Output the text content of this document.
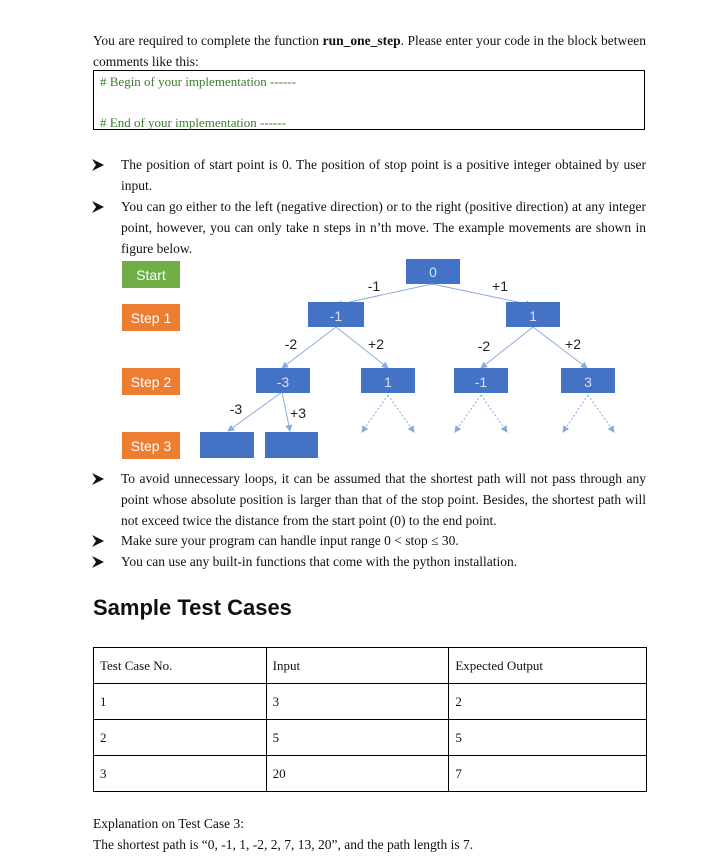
You are required to complete the function run_one_step. Please enter your code in the block between comments like this:
# Begin of your implementation ------
# End of your implementation ------
The position of start point is 0. The position of stop point is a positive integer obtained by user input.
You can go either to the left (negative direction) or to the right (positive direction) at any integer point, however, you can only take n steps in n’th move. The example movements are shown in figure below.
Start
Step 1
Step 2
Step 3
0
-1	1
-3	1	-1	3
-1	+1
-2	+2	-2	+2
-3	+3
To avoid unnecessary loops, it can be assumed that the shortest path will not pass through any point whose absolute position is larger than that of the stop point. Besides, the shortest path will not exceed twice the distance from the start point (0) to the end point.
Make sure your program can handle input range 0 < stop ≤ 30.
You can use any built-in functions that come with the python installation.
Sample Test Cases
Test Case No.	Input	Expected Output
1	3	2
2	5	5
3	20	7
Explanation on Test Case 3:
The shortest path is “0, -1, 1, -2, 2, 7, 13, 20”, and the path length is 7.
